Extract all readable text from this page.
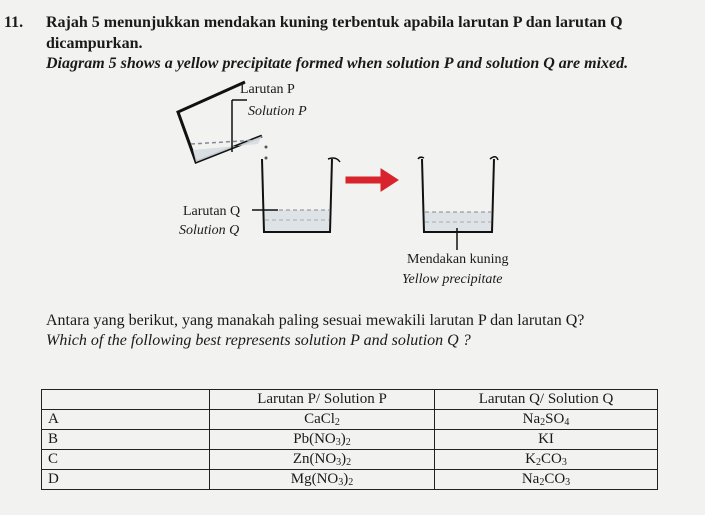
11. Rajah 5 menunjukkan mendakan kuning terbentuk apabila larutan P dan larutan Q
dicampurkan.
Diagram 5 shows a yellow precipitate formed when solution P and solution Q are mixed.
Larutan P
Solution P
Larutan Q
Solution Q
Mendakan kuning
Yellow precipitate
Antara yang berikut, yang manakah paling sesuai mewakili larutan P dan larutan Q?
Which of the following best represents solution P and solution Q ?
	Larutan P/ Solution P	Larutan Q/ Solution Q
A	CaCl$_2$	$Na_2SO_4$
B	$Pb(NO_3)_2$	KI
C	$Zn(NO_3)_2$	$K_2CO_3$
D	$Mg(NO_3)_2$	$Na_2CO_3$
